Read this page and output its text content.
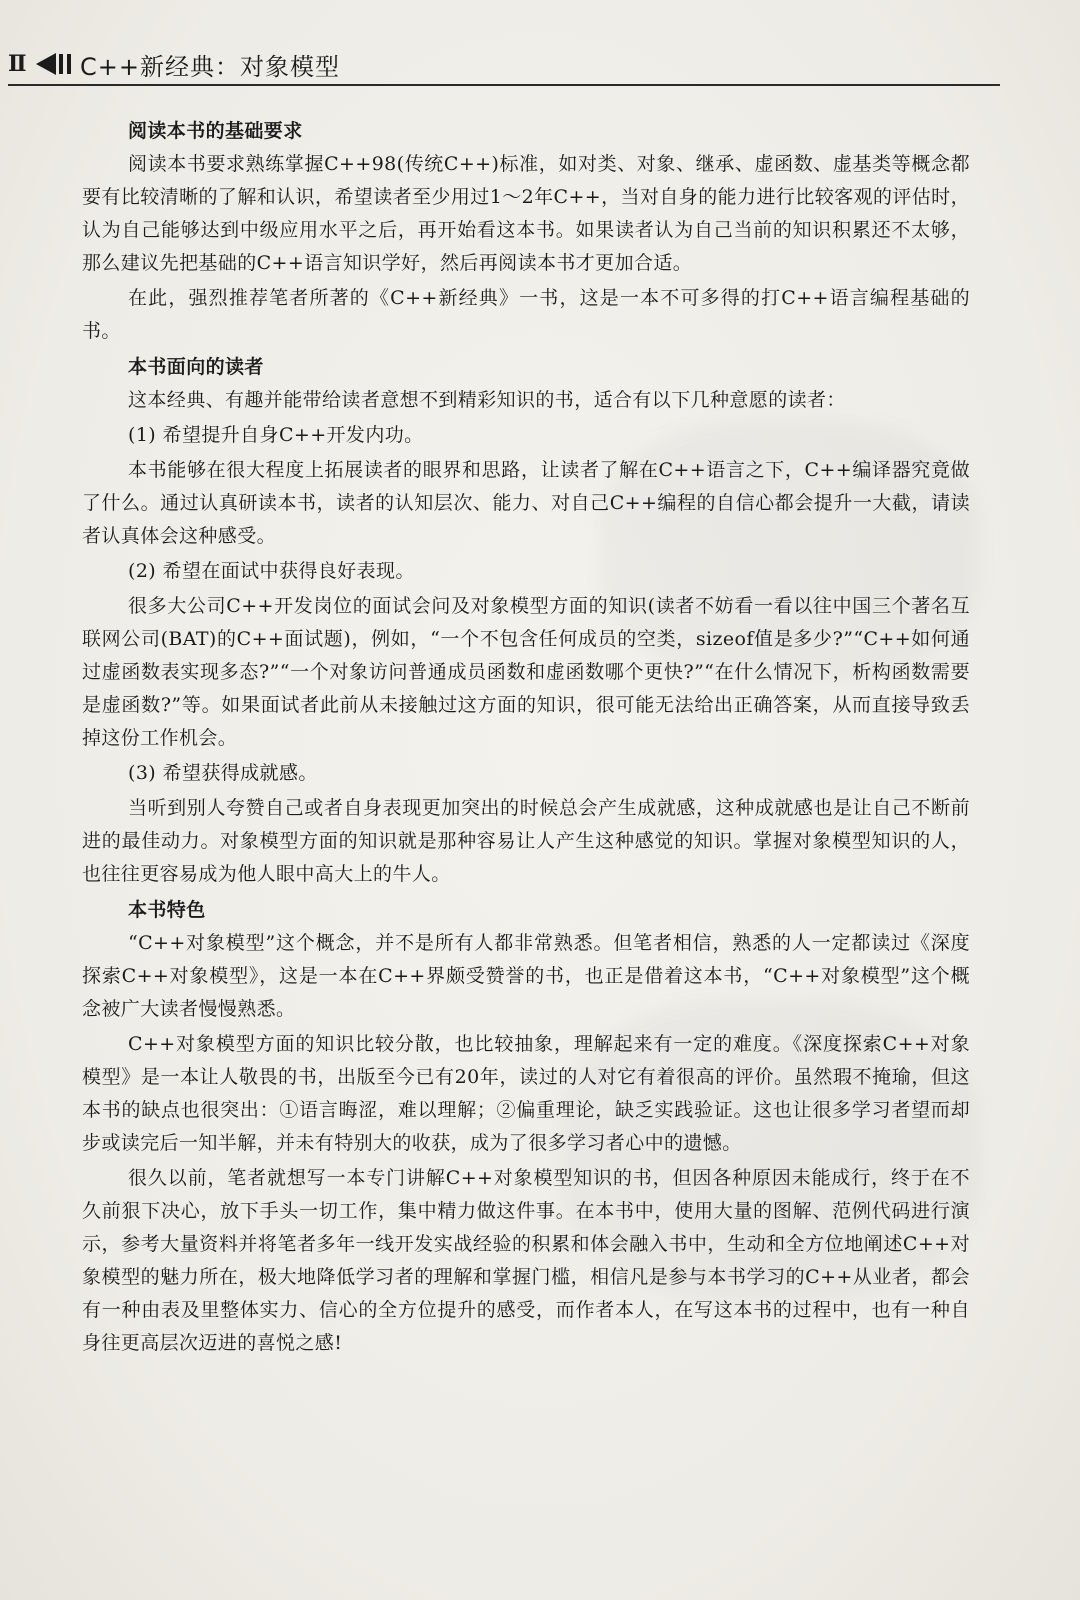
Ⅱ C++新经典：对象模型
阅读本书的基础要求

阅读本书要求熟练掌握C++98(传统C++)标准，如对类、对象、继承、虚函数、虚基类等概念都要有比较清晰的了解和认识，希望读者至少用过1～2年C++，当对自身的能力进行比较客观的评估时，认为自己能够达到中级应用水平之后，再开始看这本书。如果读者认为自己当前的知识积累还不太够，那么建议先把基础的C++语言知识学好，然后再阅读本书才更加合适。

在此，强烈推荐笔者所著的《C++新经典》一书，这是一本不可多得的打C++语言编程基础的书。

本书面向的读者

这本经典、有趣并能带给读者意想不到精彩知识的书，适合有以下几种意愿的读者：

(1) 希望提升自身C++开发内功。

本书能够在很大程度上拓展读者的眼界和思路，让读者了解在C++语言之下，C++编译器究竟做了什么。通过认真研读本书，读者的认知层次、能力、对自己C++编程的自信心都会提升一大截，请读者认真体会这种感受。

(2) 希望在面试中获得良好表现。

很多大公司C++开发岗位的面试会问及对象模型方面的知识(读者不妨看一看以往中国三个著名互联网公司(BAT)的C++面试题)，例如，“一个不包含任何成员的空类，sizeof值是多少?”“C++如何通过虚函数表实现多态?”“一个对象访问普通成员函数和虚函数哪个更快?”“在什么情况下，析构函数需要是虚函数?”等。如果面试者此前从未接触过这方面的知识，很可能无法给出正确答案，从而直接导致丢掉这份工作机会。

(3) 希望获得成就感。

当听到别人夸赞自己或者自身表现更加突出的时候总会产生成就感，这种成就感也是让自己不断前进的最佳动力。对象模型方面的知识就是那种容易让人产生这种感觉的知识。掌握对象模型知识的人，也往往更容易成为他人眼中高大上的牛人。

本书特色

“C++对象模型”这个概念，并不是所有人都非常熟悉。但笔者相信，熟悉的人一定都读过《深度探索C++对象模型》，这是一本在C++界颇受赞誉的书，也正是借着这本书，“C++对象模型”这个概念被广大读者慢慢熟悉。

C++对象模型方面的知识比较分散，也比较抽象，理解起来有一定的难度。《深度探索C++对象模型》是一本让人敬畏的书，出版至今已有20年，读过的人对它有着很高的评价。虽然瑕不掩瑜，但这本书的缺点也很突出：①语言晦涩，难以理解；②偏重理论，缺乏实践验证。这也让很多学习者望而却步或读完后一知半解，并未有特别大的收获，成为了很多学习者心中的遗憾。

很久以前，笔者就想写一本专门讲解C++对象模型知识的书，但因各种原因未能成行，终于在不久前狠下决心，放下手头一切工作，集中精力做这件事。在本书中，使用大量的图解、范例代码进行演示，参考大量资料并将笔者多年一线开发实战经验的积累和体会融入书中，生动和全方位地阐述C++对象模型的魅力所在，极大地降低学习者的理解和掌握门槛，相信凡是参与本书学习的C++从业者，都会有一种由表及里整体实力、信心的全方位提升的感受，而作者本人，在写这本书的过程中，也有一种自身往更高层次迈进的喜悦之感!
